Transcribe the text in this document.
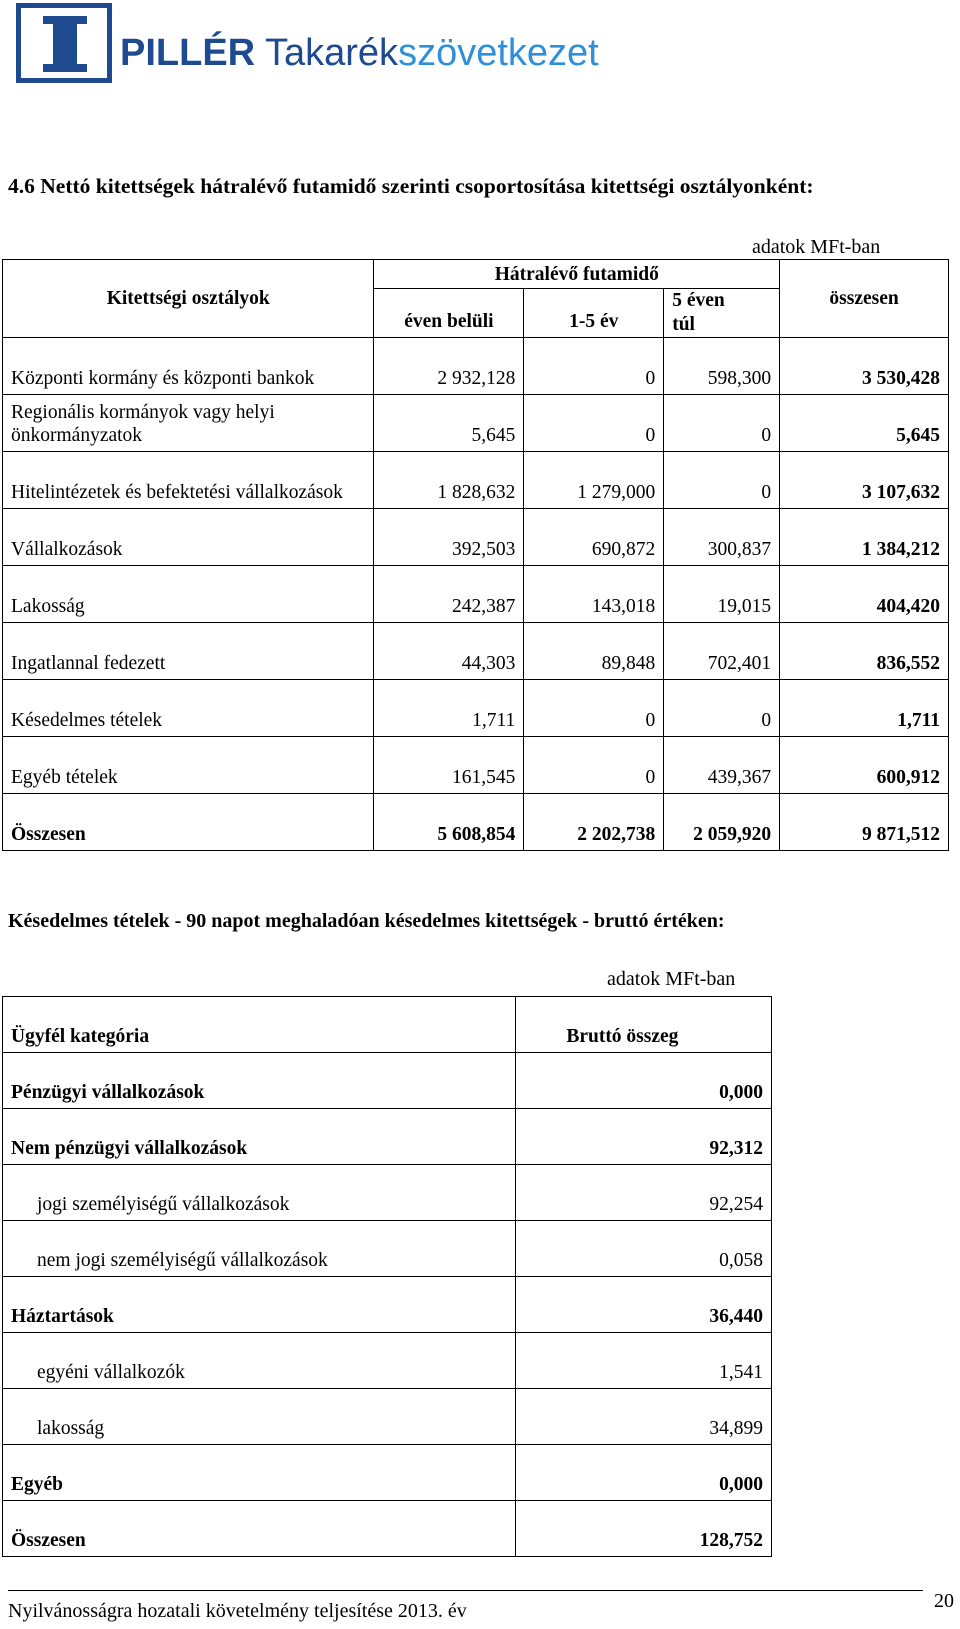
PILLÉR Takarékszövetkezet
4.6 Nettó kitettségek hátralévő futamidő szerinti csoportosítása kitettségi osztályonként:
adatok MFt-ban
Kitettségi osztályok	Hátralévő futamidő			összesen
	éven belüli	1-5 év	5 éven
túl	
Központi kormány és központi bankok	2 932,128	0	598,300	3 530,428
Regionális kormányok vagy helyi önkormányzatok	5,645	0	0	5,645
Hitelintézetek és befektetési vállalkozások	1 828,632	1 279,000	0	3 107,632
Vállalkozások	392,503	690,872	300,837	1 384,212
Lakosság	242,387	143,018	19,015	404,420
Ingatlannal fedezett	44,303	89,848	702,401	836,552
Késedelmes tételek	1,711	0	0	1,711
Egyéb tételek	161,545	0	439,367	600,912
Összesen	5 608,854	2 202,738	2 059,920	9 871,512
Késedelmes tételek - 90 napot meghaladóan késedelmes kitettségek - bruttó értéken:
adatok MFt-ban
Ügyfél kategória	Bruttó összeg
Pénzügyi vállalkozások	0,000
Nem pénzügyi vállalkozások	92,312
jogi személyiségű vállalkozások	92,254
nem jogi személyiségű vállalkozások	0,058
Háztartások	36,440
egyéni vállalkozók	1,541
lakosság	34,899
Egyéb	0,000
Összesen	128,752
Nyilvánosságra hozatali követelmény teljesítése 2013. év	20
